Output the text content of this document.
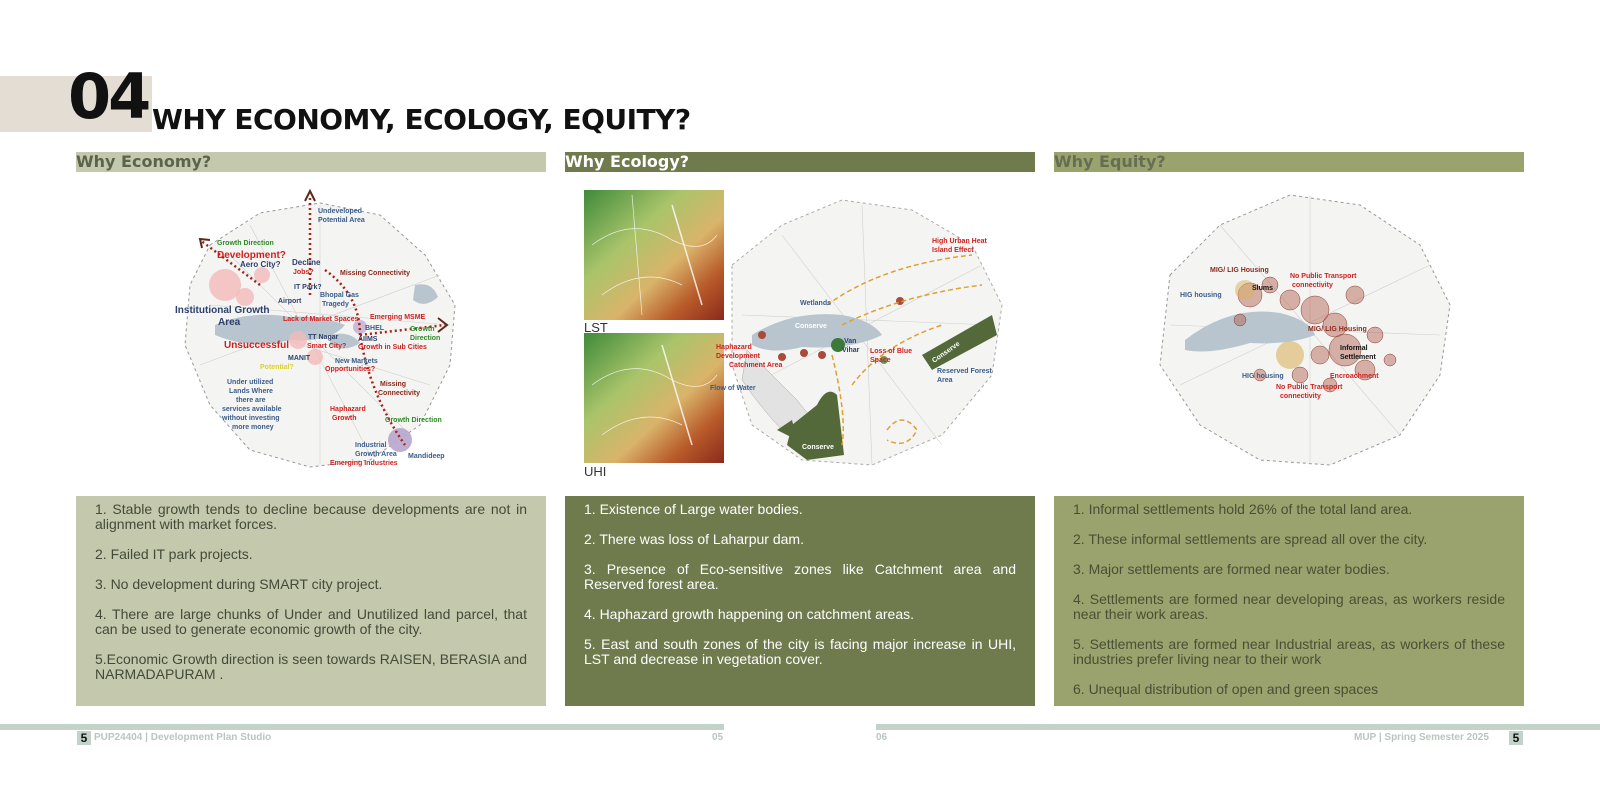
04 WHY ECONOMY, ECOLOGY, EQUITY?
Why Economy?	Why Ecology?	Why Equity?
Undeveloped
Potential Area
Growth Direction
Development?
Aero City? Decline
Jobs?	Missing Connectivity
IT Park?
Airport
Bhopal Gas
Tragedy
Institutional Growth
Area	Lack of Market Spaces Emerging MSME
BHEL	Growth
Direction
TT Nagar
Smart City?
AIIMS
Growth in Sub Cities
Unsuccessful
MANIT	New Markets
Opportunities?
Potential?
Under utilized
Lands Where
there are
services available
without investing
more money
Missing
Connectivity
Haphazard
Growth	Growth Direction
Industrial
Growth Area Mandideep
Emerging Industries
High Urban Heat
Island Effect
Wetlands
Conserve
Haphazard
Development
Catchment Area
Van
Vihar Loss of Blue
Space
Reserved Forest
Area
Flow of Water
Conserve
Conserve
LST
UHI
MIG/ LIG Housing
No Public Transport
connectivity
Slums
HIG housing
MIG/ LIG Housing
Informal
Settlement
HIG housing	Encroachment
No Public Transport
connectivity

1. Stable growth tends to decline because developments are not in alignment with market forces.

2. Failed IT park projects.

3. No development during SMART city project.

4. There are large chunks of Under and Unutilized land parcel, that can be used to generate economic growth of the city.

5.Economic Growth direction is seen towards RAISEN, BERASIA and NARMADAPURAM .

1. Existence of Large water bodies.

2. There was loss of Laharpur dam.

3. Presence of Eco-sensitive zones like Catchment area and Reserved forest area.

4. Haphazard growth happening on catchment areas.

5. East and south zones of the city is facing major increase in UHI, LST and decrease in vegetation cover.

1. Informal settlements hold 26% of the total land area.

2. These informal settlements are spread all over the city.

3. Major settlements are formed near water bodies.

4. Settlements are formed near developing areas, as workers reside near their work areas.

5. Settlements are formed near Industrial areas, as workers of these industries prefer living near to their work

6. Unequal distribution of open and green spaces

5 PUP24404 | Development Plan Studio	05	06	MUP | Spring Semester 2025	5
